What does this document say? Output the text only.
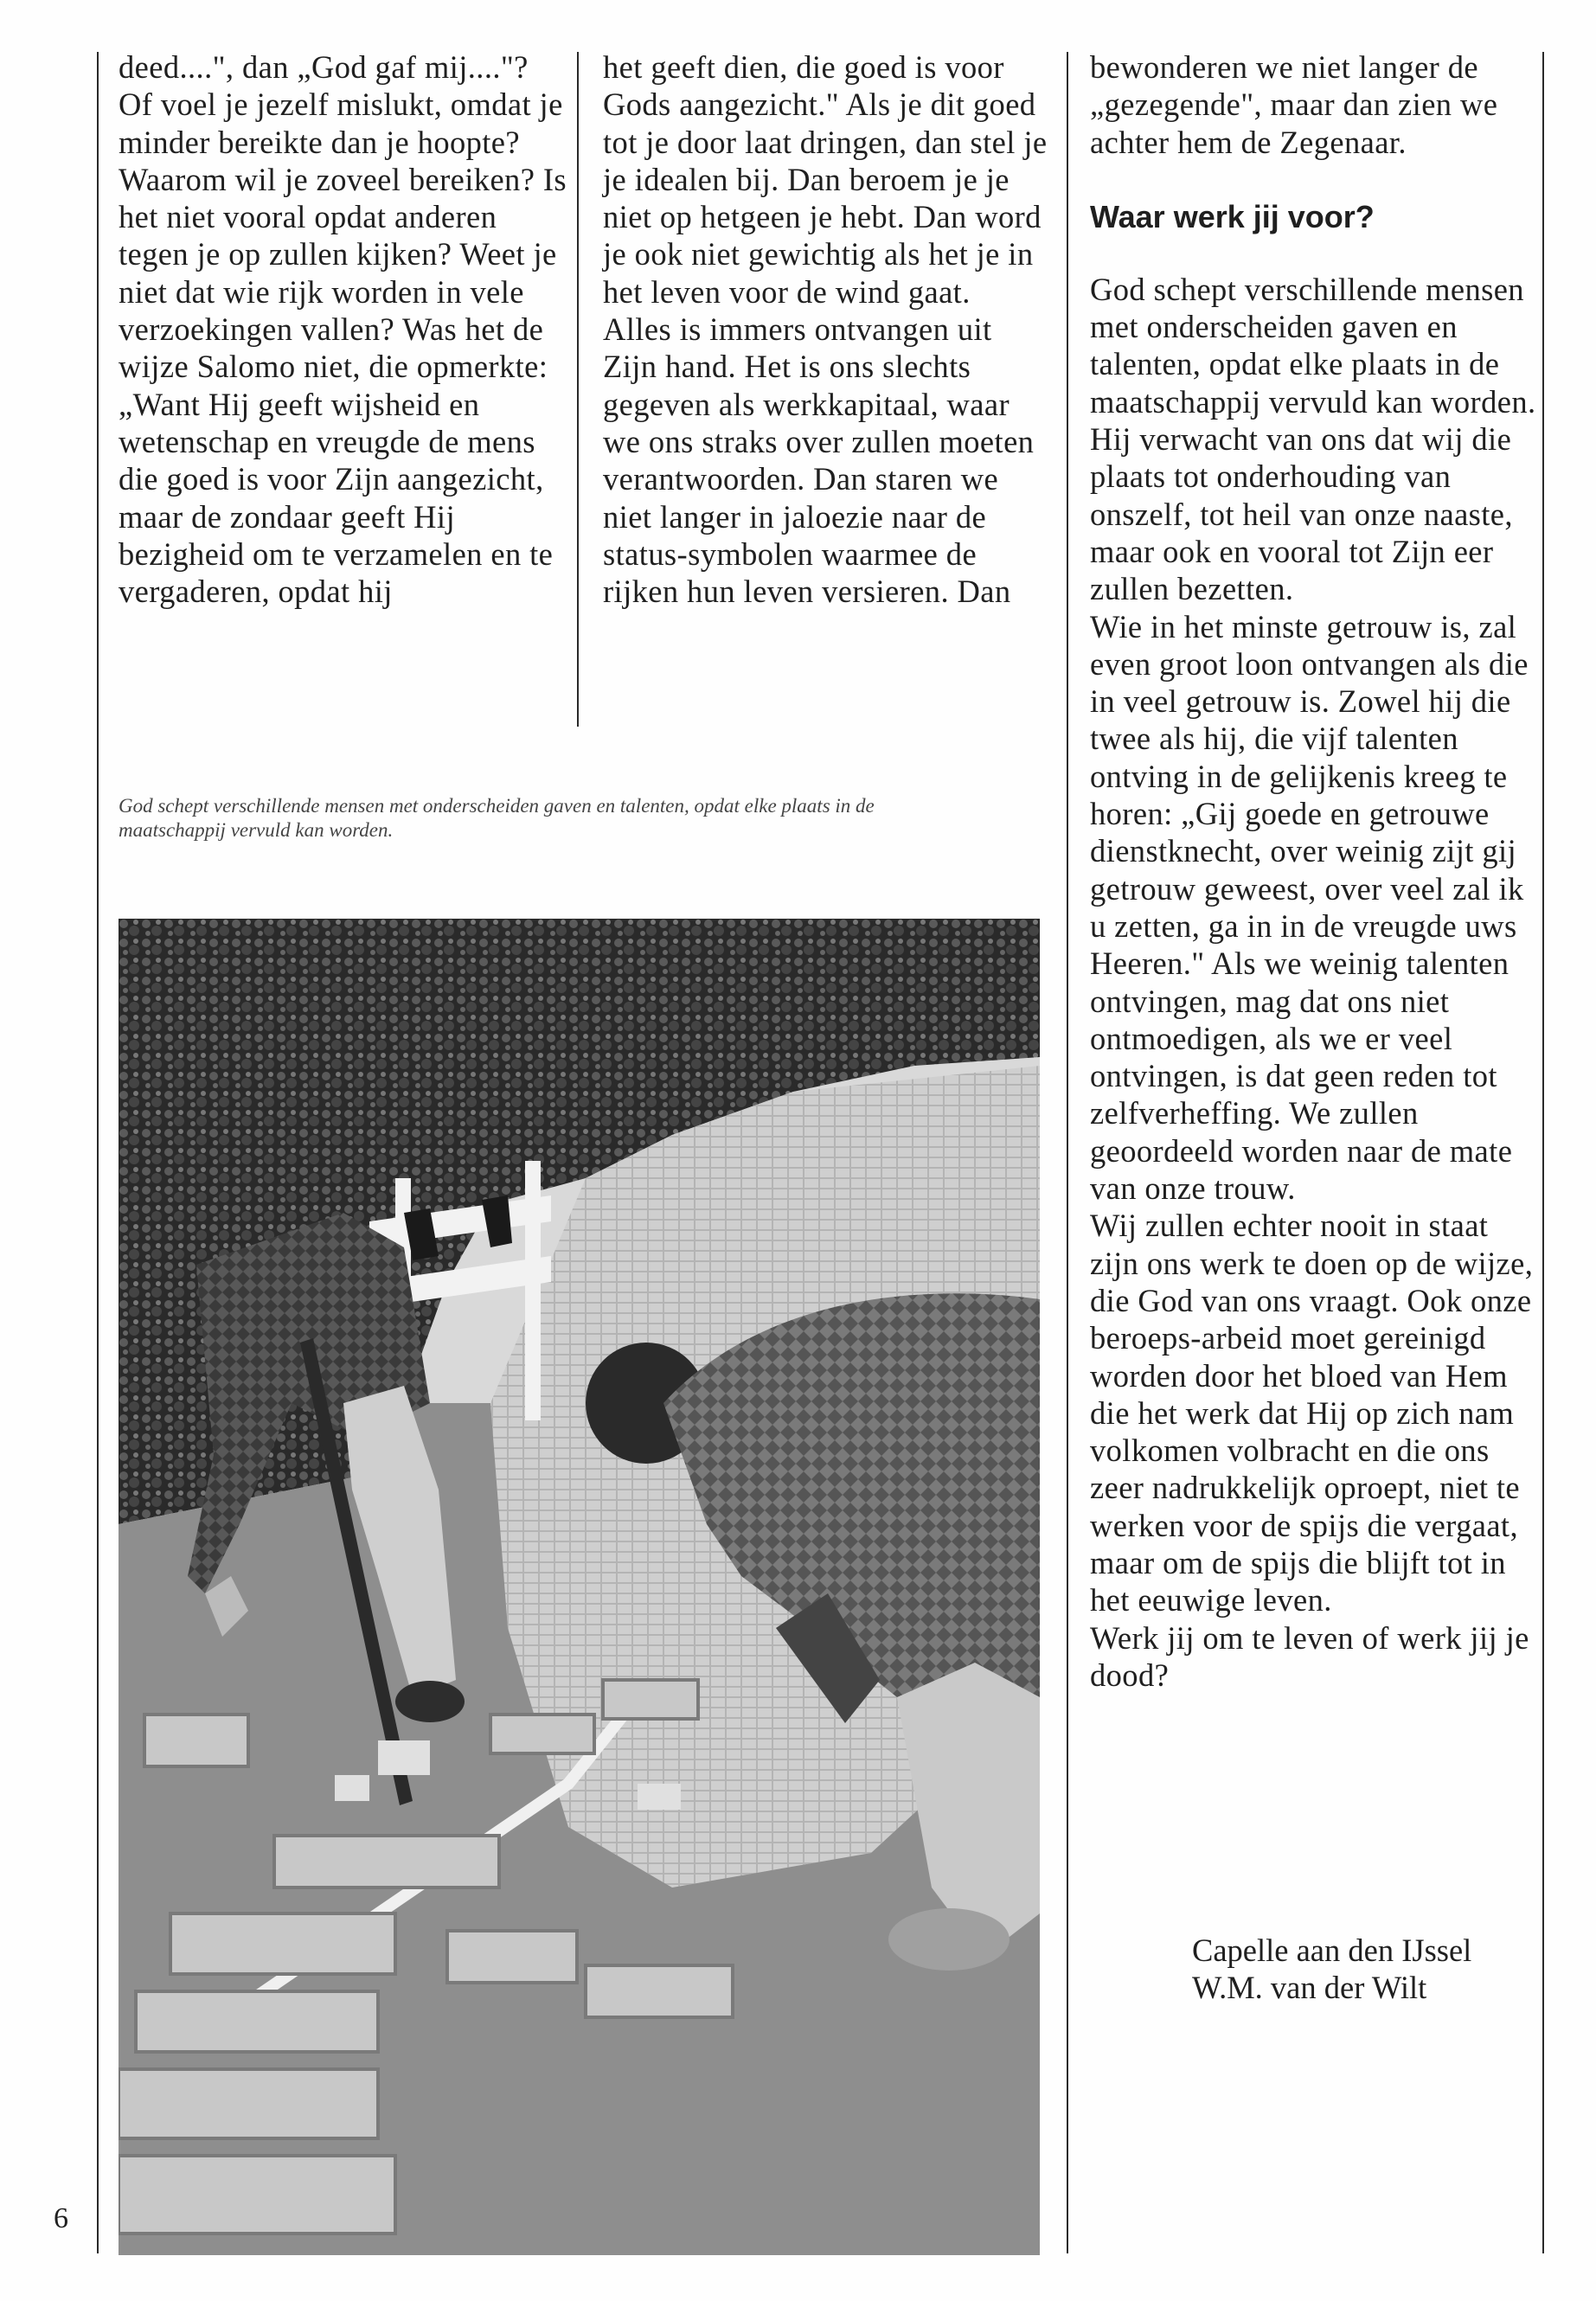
deed....", dan „God gaf mij...."? Of voel je jezelf mislukt, omdat je minder bereikte dan je hoopte? Waarom wil je zoveel bereiken? Is het niet vooral opdat anderen tegen je op zullen kijken? Weet je niet dat wie rijk worden in vele verzoekingen vallen? Was het de wijze Salomo niet, die opmerkte: „Want Hij geeft wijsheid en wetenschap en vreugde de mens die goed is voor Zijn aangezicht, maar de zondaar geeft Hij bezigheid om te verzamelen en te vergaderen, opdat hij

het geeft dien, die goed is voor Gods aangezicht." Als je dit goed tot je door laat dringen, dan stel je je idealen bij. Dan beroem je je niet op hetgeen je hebt. Dan word je ook niet gewichtig als het je in het leven voor de wind gaat.

Alles is immers ontvangen uit Zijn hand. Het is ons slechts gegeven als werkkapitaal, waar we ons straks over zullen moeten verantwoorden. Dan staren we niet langer in jaloezie naar de status-symbolen waarmee de rijken hun leven versieren. Dan

bewonderen we niet langer de „gezegende", maar dan zien we achter hem de Zegenaar.

Waar werk jij voor?

God schept verschillende mensen met onderscheiden gaven en talenten, opdat elke plaats in de maatschappij vervuld kan worden. Hij verwacht van ons dat wij die plaats tot onderhouding van onszelf, tot heil van onze naaste, maar ook en vooral tot Zijn eer zullen bezetten.

Wie in het minste getrouw is, zal even groot loon ontvangen als die in veel getrouw is. Zowel hij die twee als hij, die vijf talenten ontving in de gelijkenis kreeg te horen: „Gij goede en getrouwe dienstknecht, over weinig zijt gij getrouw geweest, over veel zal ik u zetten, ga in in de vreugde uws Heeren." Als we weinig talenten ontvingen, mag dat ons niet ontmoedigen, als we er veel ontvingen, is dat geen reden tot zelfverheffing. We zullen geoordeeld worden naar de mate van onze trouw.

Wij zullen echter nooit in staat zijn ons werk te doen op de wijze, die God van ons vraagt. Ook onze beroeps-arbeid moet gereinigd worden door het bloed van Hem die het werk dat Hij op zich nam volkomen volbracht en die ons zeer nadrukkelijk oproept, niet te werken voor de spijs die vergaat, maar om de spijs die blijft tot in het eeuwige leven.

Werk jij om te leven of werk jij je dood?

God schept verschillende mensen met onderscheiden gaven en talenten, opdat elke plaats in de maatschappij vervuld kan worden.
Capelle aan den IJssel
W.M. van der Wilt
6
